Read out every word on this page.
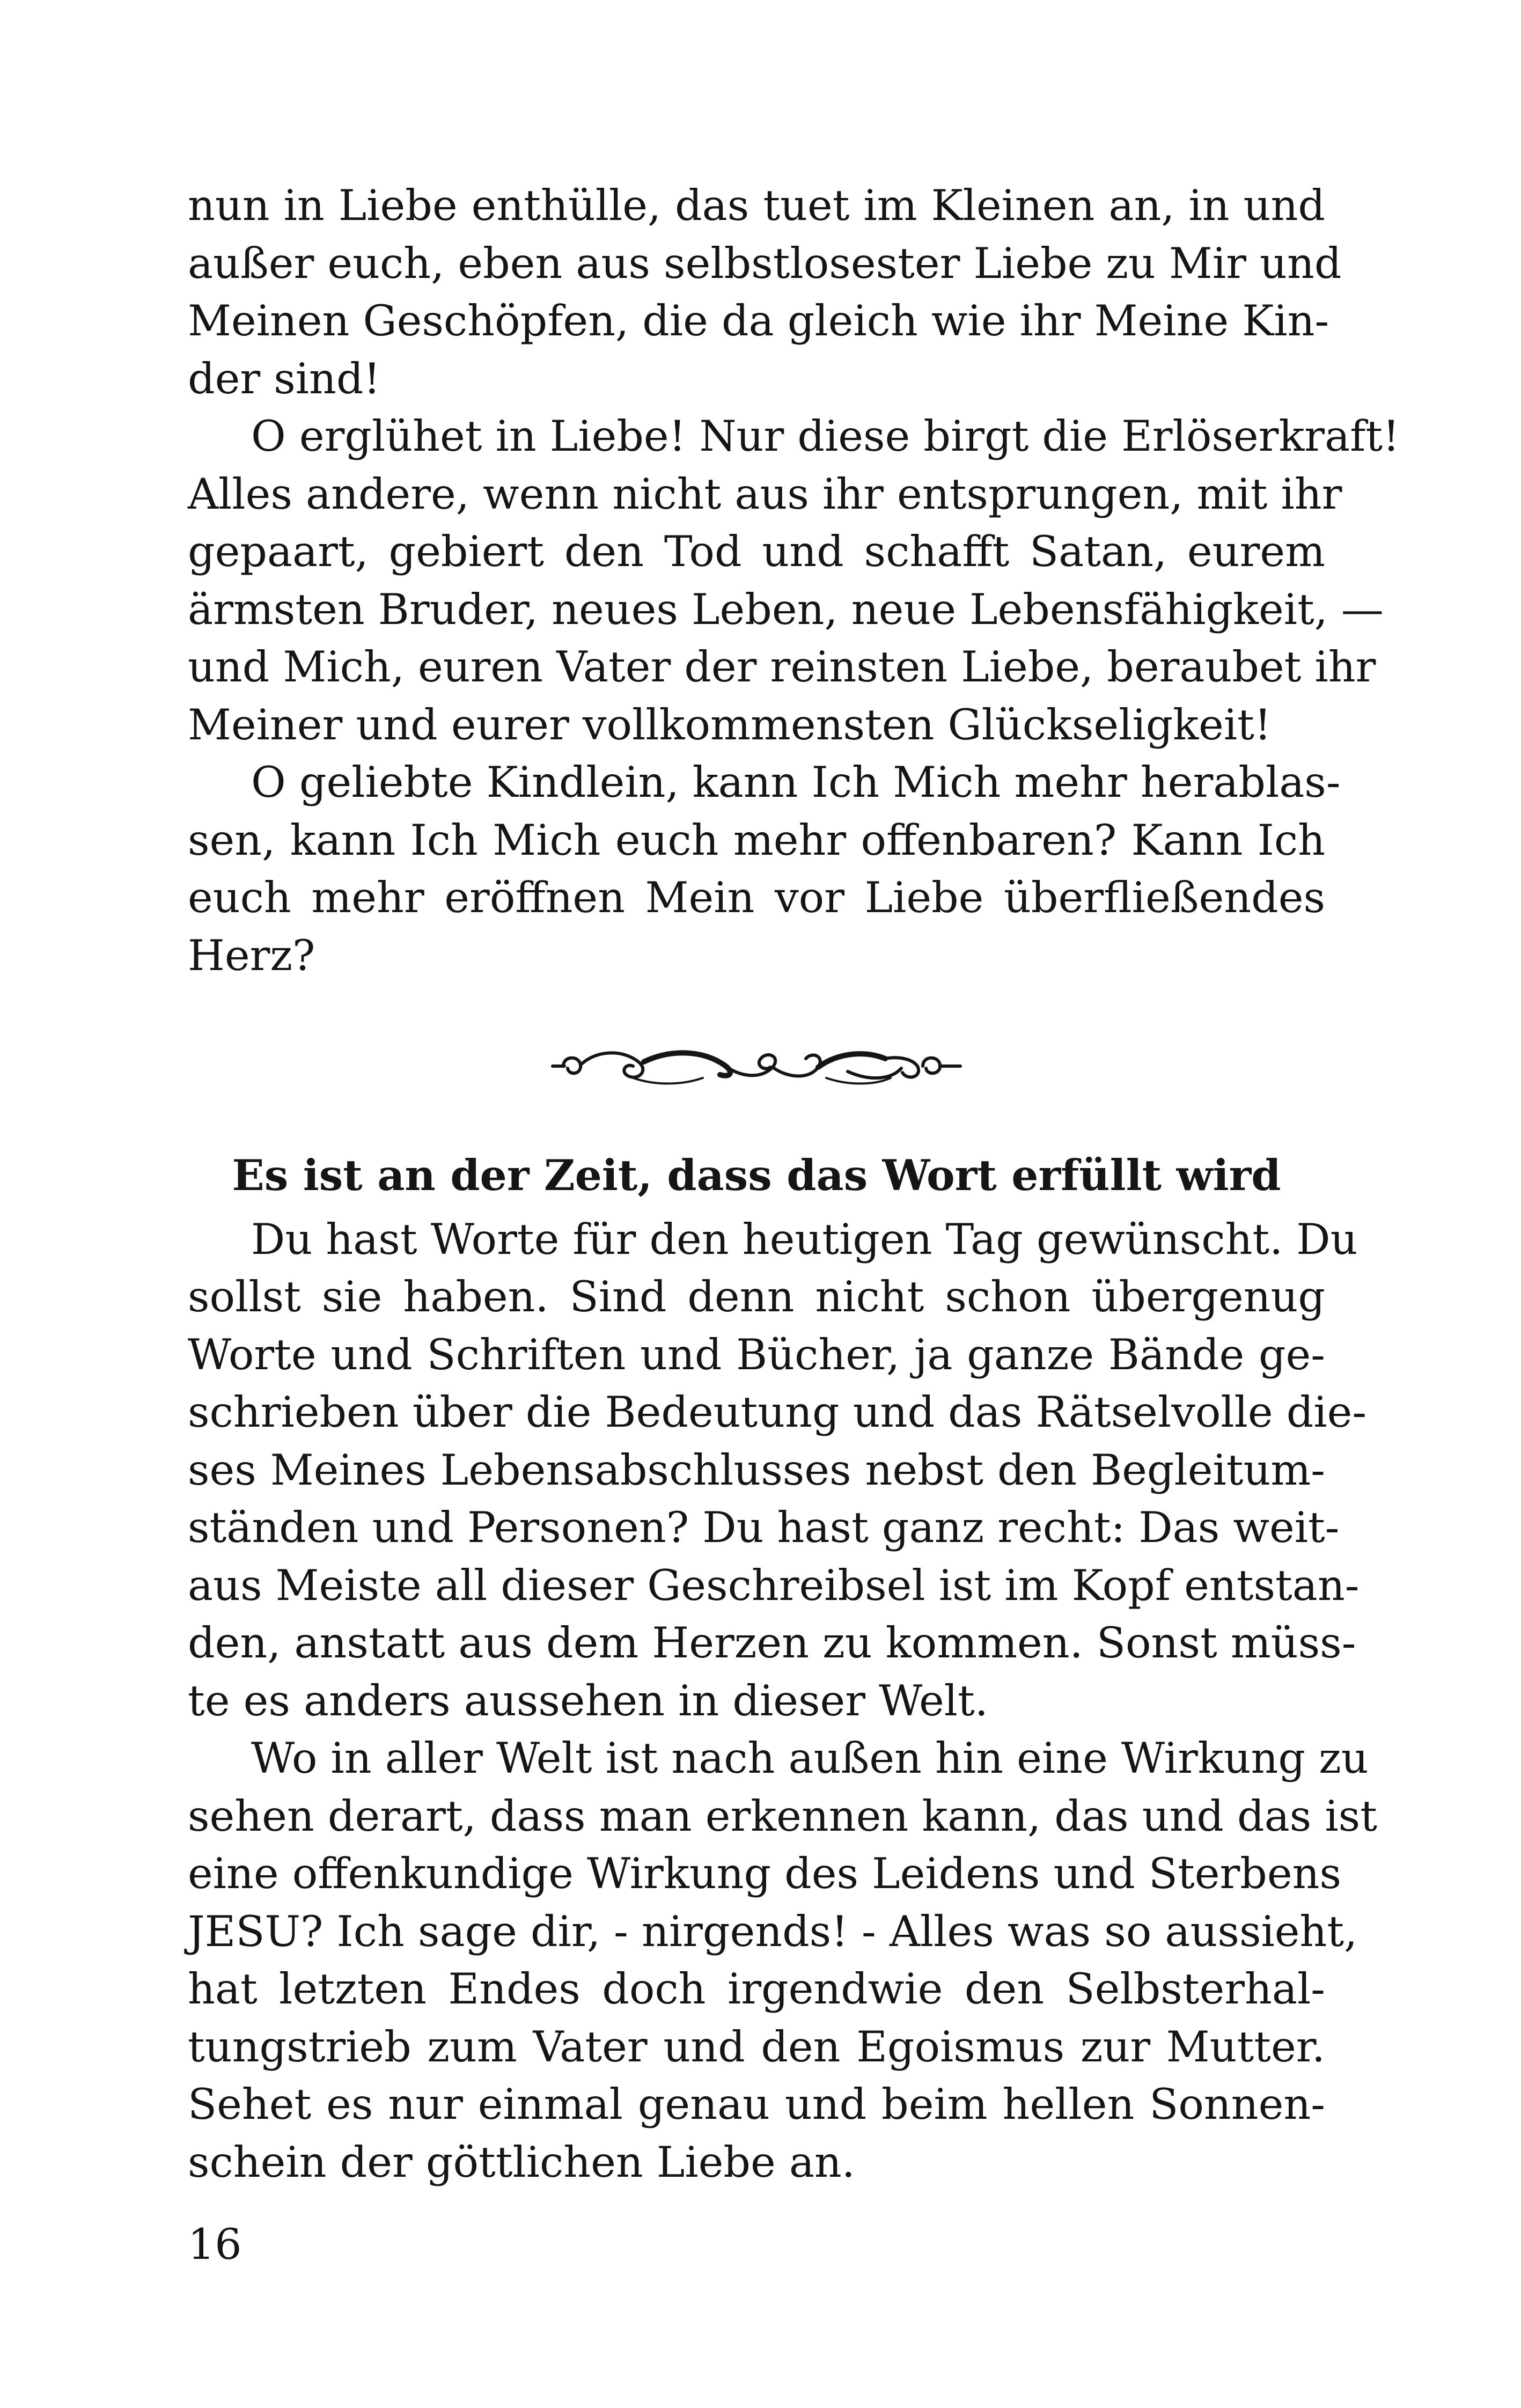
nun in Liebe enthülle, das tuet im Kleinen an, in und
außer euch, eben aus selbstlosester Liebe zu Mir und
Meinen Geschöpfen, die da gleich wie ihr Meine Kin-
der sind!

O erglühet in Liebe! Nur diese birgt die Erlöserkraft!
Alles andere, wenn nicht aus ihr entsprungen, mit ihr
gepaart, gebiert den Tod und schafft Satan, eurem
ärmsten Bruder, neues Leben, neue Lebensfähigkeit, —
und Mich, euren Vater der reinsten Liebe, beraubet ihr
Meiner und eurer vollkommensten Glückseligkeit!

O geliebte Kindlein, kann Ich Mich mehr herablas-
sen, kann Ich Mich euch mehr offenbaren? Kann Ich
euch mehr eröffnen Mein vor Liebe überfließendes
Herz?

Es ist an der Zeit, dass das Wort erfüllt wird

Du hast Worte für den heutigen Tag gewünscht. Du
sollst sie haben. Sind denn nicht schon übergenug
Worte und Schriften und Bücher, ja ganze Bände ge-
schrieben über die Bedeutung und das Rätselvolle die-
ses Meines Lebensabschlusses nebst den Begleitum-
ständen und Personen? Du hast ganz recht: Das weit-
aus Meiste all dieser Geschreibsel ist im Kopf entstan-
den, anstatt aus dem Herzen zu kommen. Sonst müss-
te es anders aussehen in dieser Welt.

Wo in aller Welt ist nach außen hin eine Wirkung zu
sehen derart, dass man erkennen kann, das und das ist
eine offenkundige Wirkung des Leidens und Sterbens
JESU? Ich sage dir, - nirgends! - Alles was so aussieht,
hat letzten Endes doch irgendwie den Selbsterhal-
tungstrieb zum Vater und den Egoismus zur Mutter.
Sehet es nur einmal genau und beim hellen Sonnen-
schein der göttlichen Liebe an.

16
